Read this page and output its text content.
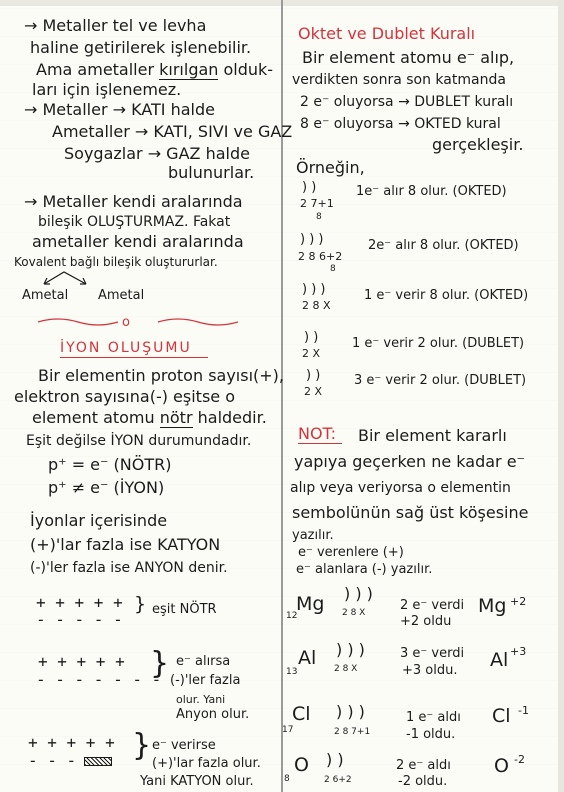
→ Metaller tel ve levha
haline getirilerek işlenebilir.
Ama ametaller kırılgan olduk-
ları için işlenemez.
→ Metaller → KATI halde
Ametaller → KATI, SIVI ve GAZ
Soygazlar → GAZ halde
bulunurlar.
→ Metaller kendi aralarında
bileşik OLUŞTURMAZ. Fakat
ametaller kendi aralarında
Kovalent bağlı bileşik oluştururlar.
Ametal Ametal
o
İYON OLUŞUMU
Bir elementin proton sayısı(+),
elektron sayısına(-) eşitse o
element atomu nötr haldedir.
Eşit değilse İYON durumundadır.
p⁺ = e⁻ (NÖTR)
p⁺ ≠ e⁻ (İYON)
İyonlar içerisinde
(+)'lar fazla ise KATYON
(-)'ler fazla ise ANYON denir.
+ + + + +
- - - - -
} eşit NÖTR
+ + + + +
- - - - - - -
} e⁻ alırsa
(-)'ler fazla
olur. Yani
Anyon olur.
+ + + + +
- - - } e⁻ verirse
(+)'lar fazla olur.
Yani KATYON olur.
Oktet ve Dublet Kuralı
Bir element atomu e⁻ alıp,
verdikten sonra son katmanda
2 e⁻ oluyorsa → DUBLET kuralı
8 e⁻ oluyorsa → OKTED kural
gerçekleşir.
Örneğin,
) )
2 7+1
8
1e⁻ alır 8 olur. (OKTED)
) ) )
2 8 6+2
8
2e⁻ alır 8 olur. (OKTED)
) ) )
2 8 X
1 e⁻ verir 8 olur. (OKTED)
) )
2 X
1 e⁻ verir 2 olur. (DUBLET)
) )
2 X
3 e⁻ verir 2 olur. (DUBLET)
NOT: Bir element kararlı
yapıya geçerken ne kadar e⁻
alıp veya veriyorsa o elementin
sembolünün sağ üst köşesine
yazılır.
e⁻ verenlere (+)
e⁻ alanlara (-) yazılır.
12
Mg ) ) )
2 8 X	2 e⁻ verdi
+2 oldu
Mg +2
13
Al ) ) )
2 8 X
3 e⁻ verdi
+3 oldu. Al +3
17
Cl ) ) )
2 8 7+1
1 e⁻ aldı
-1 oldu.
Cl -1
8
O ) )
2 6+2
2 e⁻ aldı
-2 oldu.
O -2
